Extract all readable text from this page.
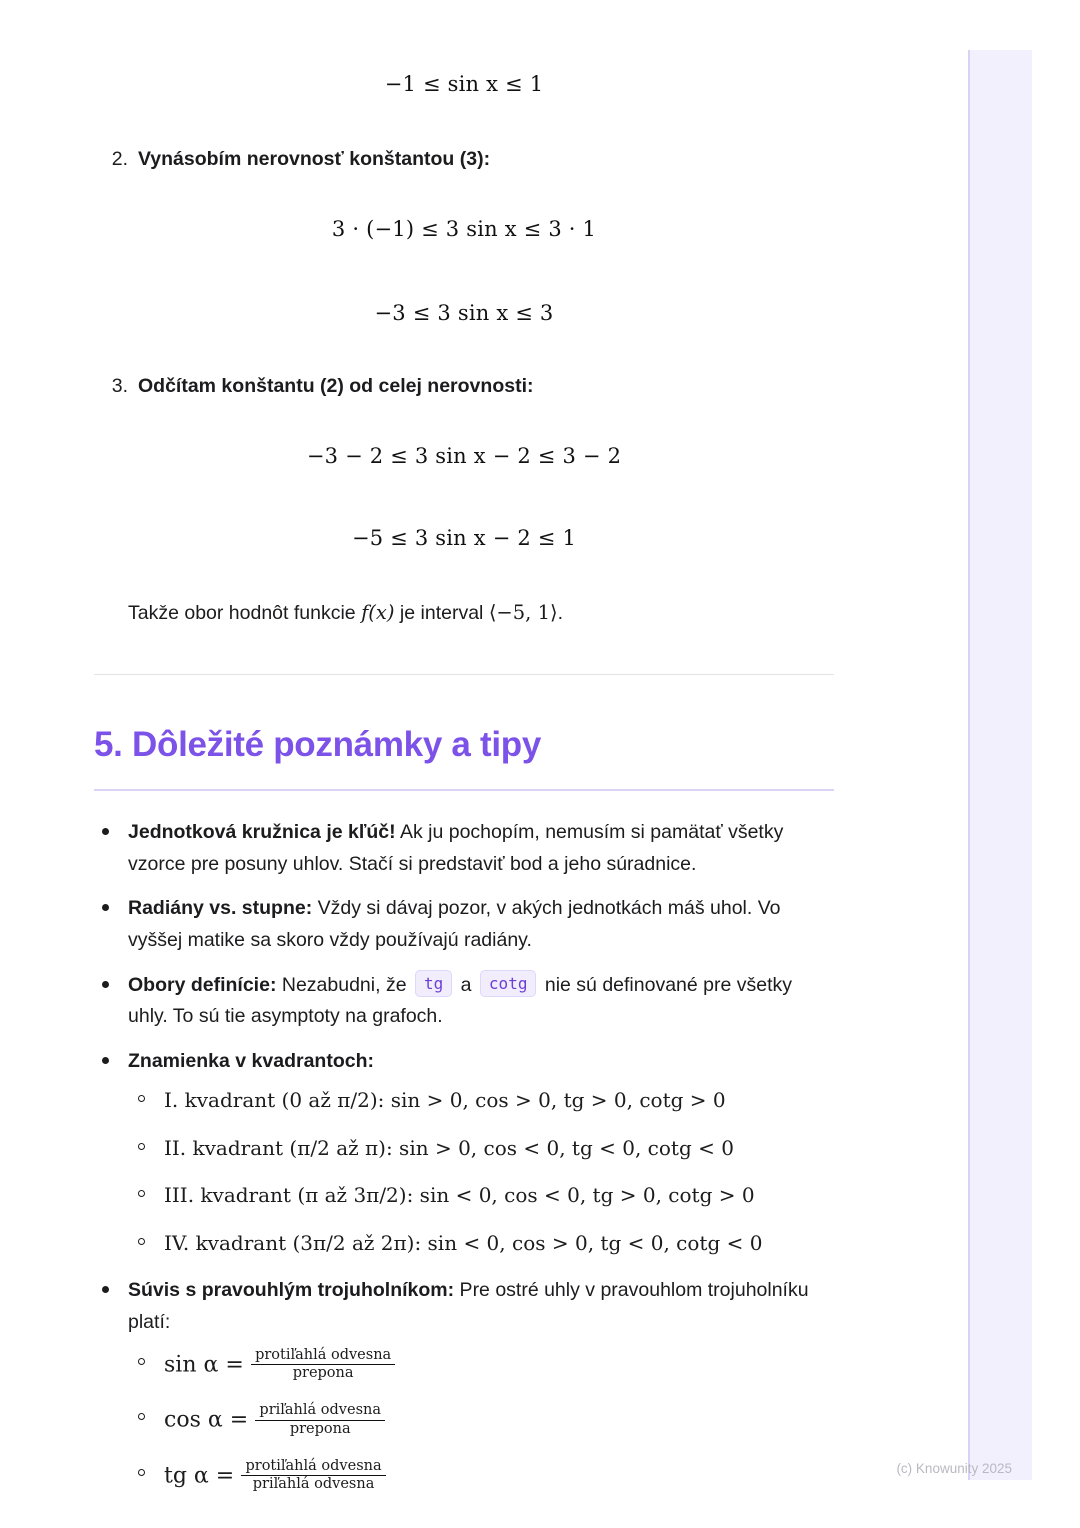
−1 ≤ sin x ≤ 1
2. Vynásobím nerovnosť konštantou (3):
3 · (−1) ≤ 3 sin x ≤ 3 · 1
−3 ≤ 3 sin x ≤ 3
3. Odčítam konštantu (2) od celej nerovnosti:
−3 − 2 ≤ 3 sin x − 2 ≤ 3 − 2
−5 ≤ 3 sin x − 2 ≤ 1
Takže obor hodnôt funkcie f(x) je interval ⟨−5, 1⟩.
5. Dôležité poznámky a tipy
Jednotková kružnica je kľúč! Ak ju pochopím, nemusím si pamätať všetky vzorce pre posuny uhlov. Stačí si predstaviť bod a jeho súradnice.
Radiány vs. stupne: Vždy si dávaj pozor, v akých jednotkách máš uhol. Vo vyššej matike sa skoro vždy používajú radiány.
Obory definície: Nezabudni, že tg a cotg nie sú definované pre všetky uhly. To sú tie asymptoty na grafoch.
Znamienka v kvadrantoch:
I. kvadrant (0 až π/2): sin > 0, cos > 0, tg > 0, cotg > 0
II. kvadrant (π/2 až π): sin > 0, cos < 0, tg < 0, cotg < 0
III. kvadrant (π až 3π/2): sin < 0, cos < 0, tg > 0, cotg > 0
IV. kvadrant (3π/2 až 2π): sin < 0, cos > 0, tg < 0, cotg < 0
Súvis s pravouhlým trojuholníkom: Pre ostré uhly v pravouhlom trojuholníku platí:
$\sin \alpha = \frac{\text{protiľahlá odvesna}}{\text{prepona}}$
$\cos \alpha = \frac{\text{priľahlá odvesna}}{\text{prepona}}$
tg $\alpha = \frac{\text{protiľahlá odvesna}}{\text{priľahlá odvesna}}$	(c) Knowunity 2025
